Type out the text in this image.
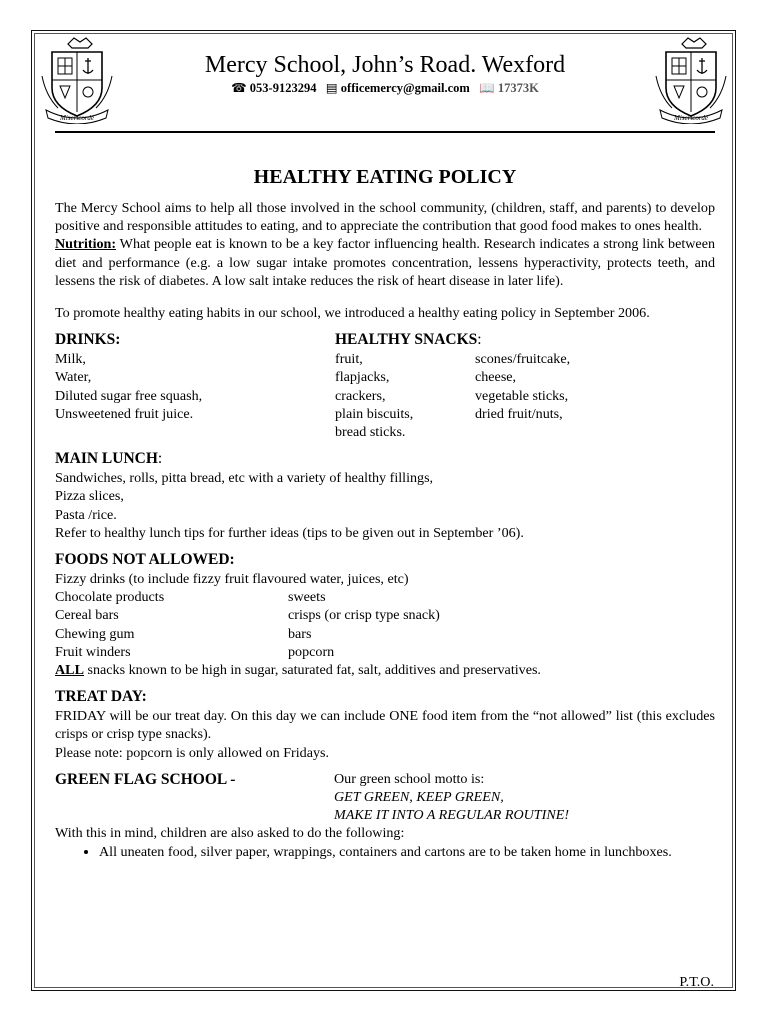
Misericorde	Misericorde
Mercy School, John’s Road. Wexford
☎ 053-9123294 ▤ officemercy@gmail.com 📖 17373K
HEALTHY EATING POLICY

The Mercy School aims to help all those involved in the school community, (children, staff, and parents) to develop positive and responsible attitudes to eating, and to appreciate the contribution that good food makes to ones health.

Nutrition: What people eat is known to be a key factor influencing health. Research indicates a strong link between diet and performance (e.g. a low sugar intake promotes concentration, lessens hyperactivity, protects teeth, and lessens the risk of diabetes. A low salt intake reduces the risk of heart disease in later life).

To promote healthy eating habits in our school, we introduced a healthy eating policy in September 2006.

DRINKS:
Milk,
Water,
Diluted sugar free squash,
Unsweetened fruit juice.
HEALTHY SNACKS:
fruit,	scones/fruitcake,
flapjacks,	cheese,
crackers,	vegetable sticks,
plain biscuits,	dried fruit/nuts,
bread sticks.
MAIN LUNCH:
Sandwiches, rolls, pitta bread, etc with a variety of healthy fillings,
Pizza slices,
Pasta /rice.
Refer to healthy lunch tips for further ideas (tips to be given out in September ’06).
FOODS NOT ALLOWED:
Fizzy drinks (to include fizzy fruit flavoured water, juices, etc)
Chocolate products	sweets
Cereal bars	crisps (or crisp type snack)
Chewing gum	bars
Fruit winders	popcorn
ALL snacks known to be high in sugar, saturated fat, salt, additives and preservatives.
TREAT DAY:

FRIDAY will be our treat day. On this day we can include ONE food item from the “not allowed” list (this excludes crisps or crisp type snacks).

Please note: popcorn is only allowed on Fridays.
GREEN FLAG SCHOOL -	Our green school motto is:
GET GREEN, KEEP GREEN,
MAKE IT INTO A REGULAR ROUTINE!
With this in mind, children are also asked to do the following:
• All uneaten food, silver paper, wrappings, containers and cartons are to be taken home in lunchboxes.
P.T.O.
